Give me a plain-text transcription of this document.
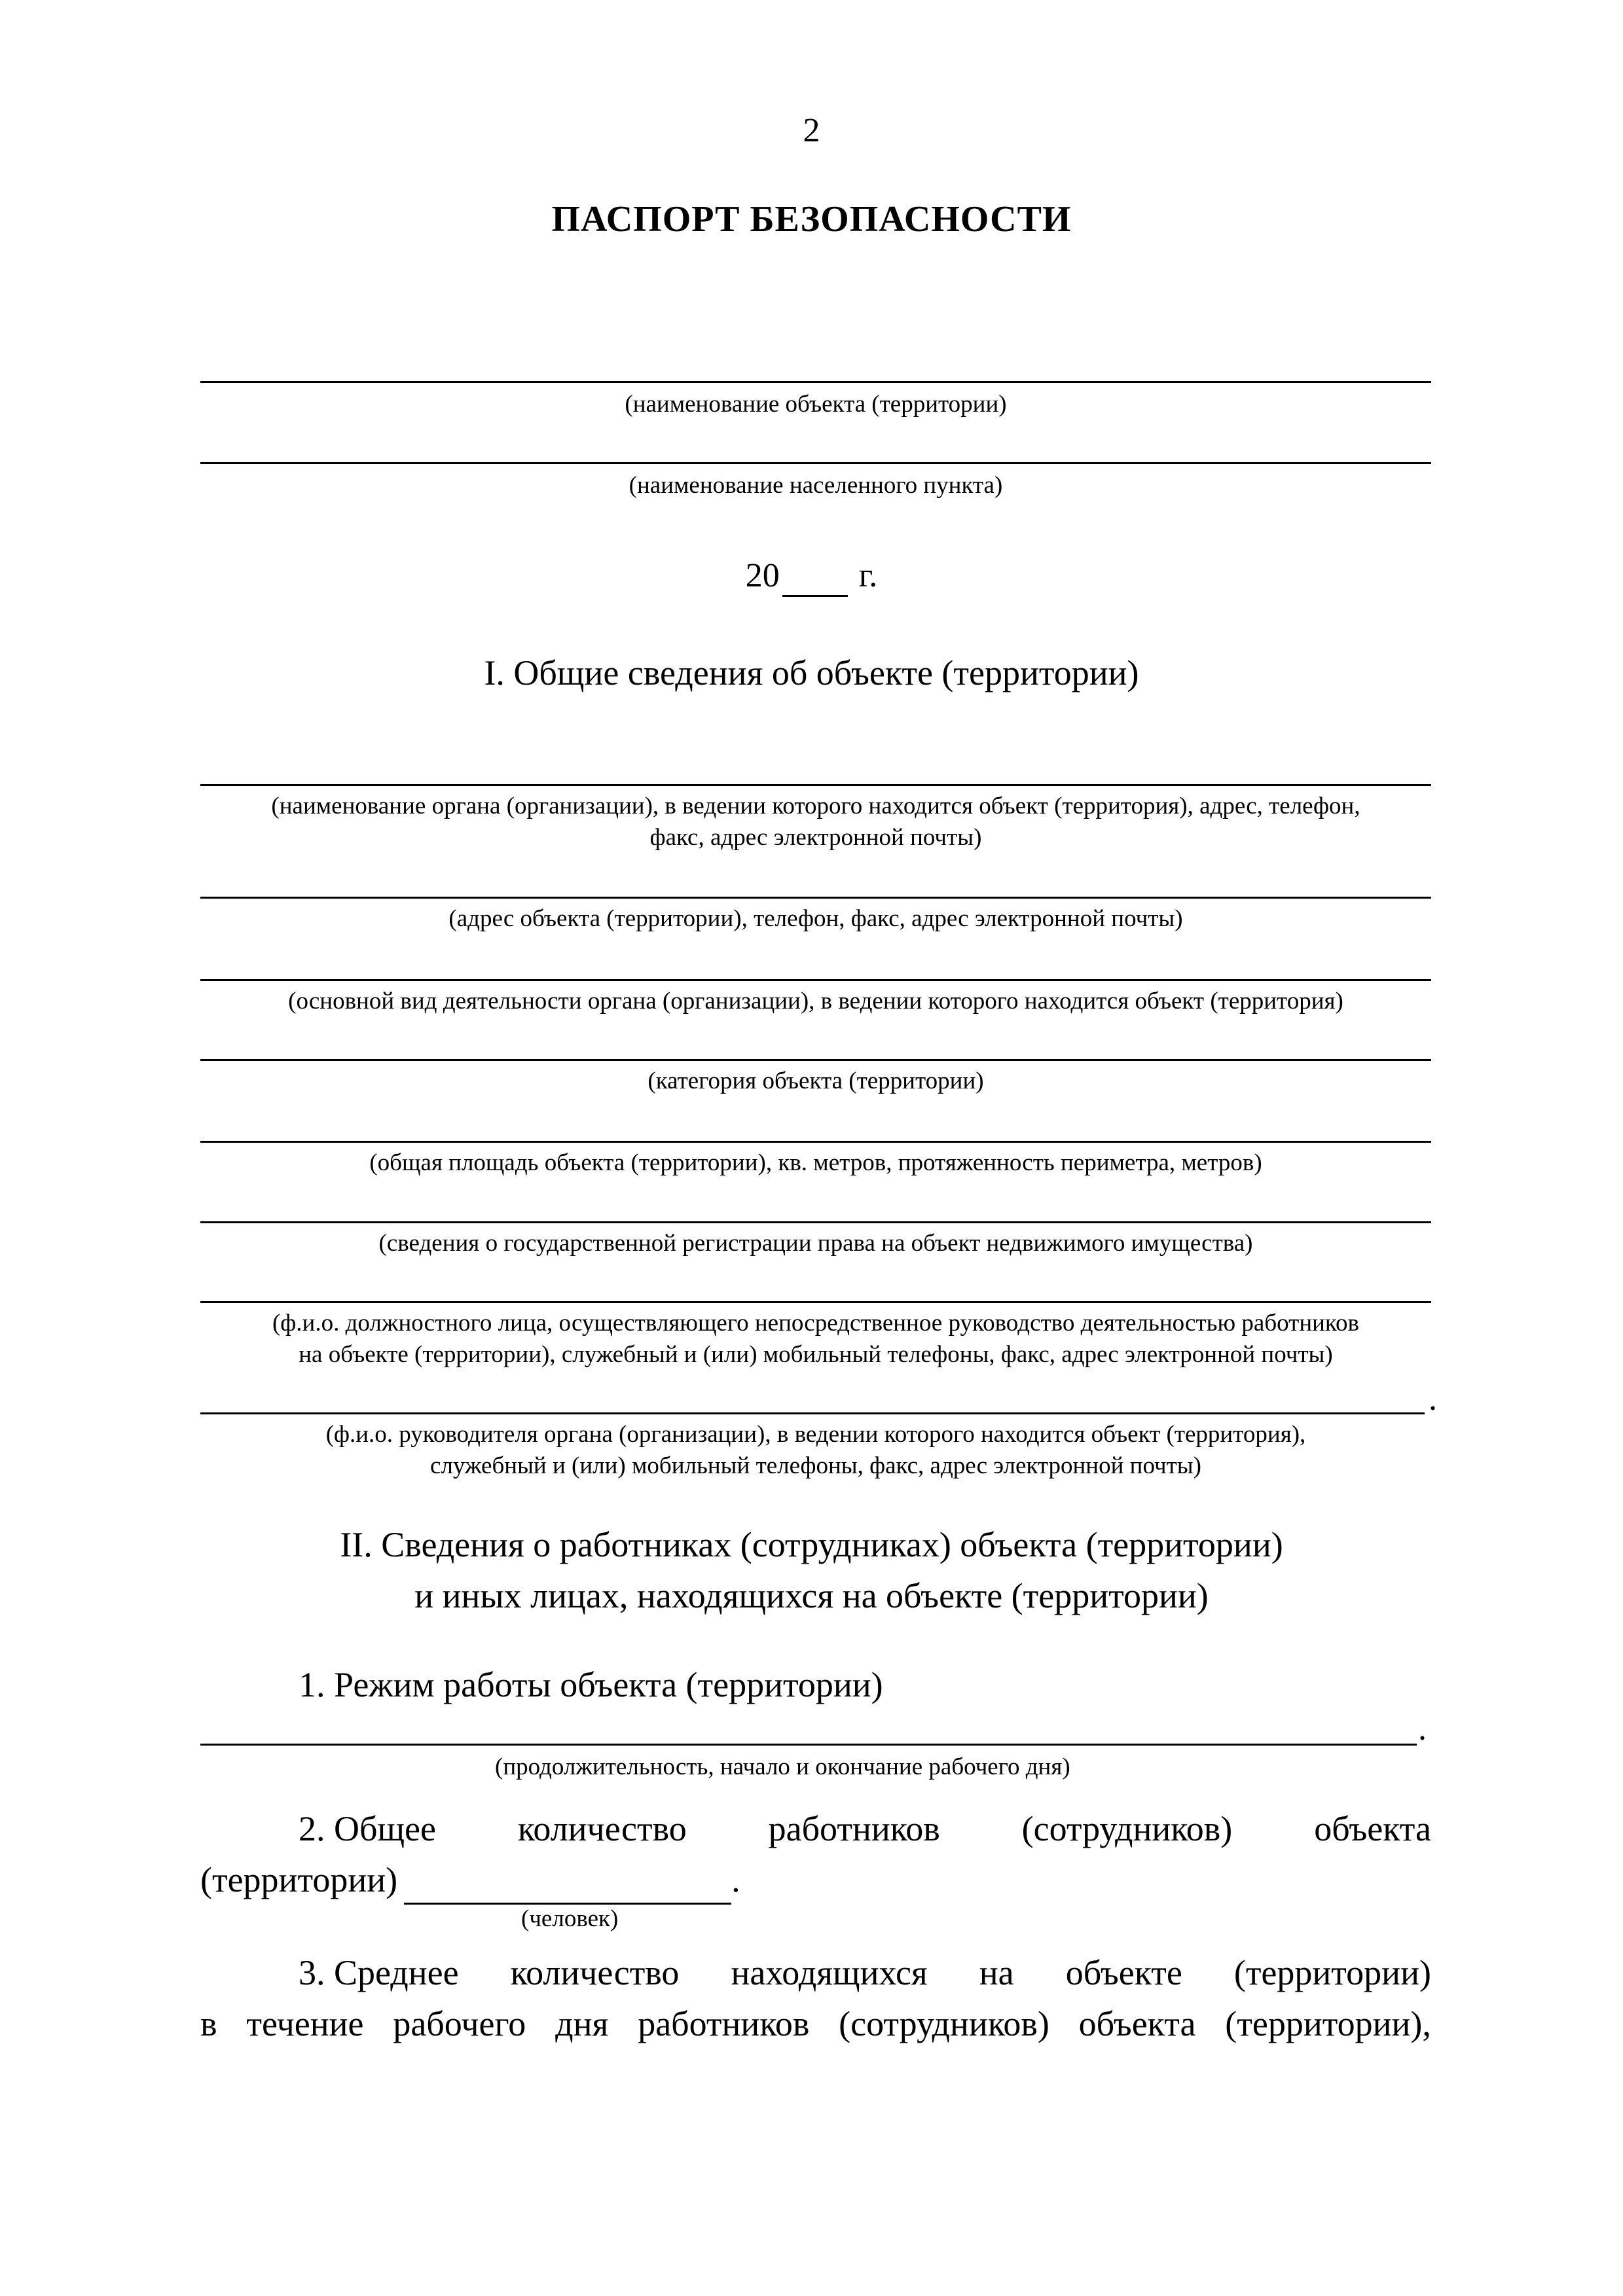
2
ПАСПОРТ БЕЗОПАСНОСТИ
(наименование объекта (территории)
(наименование населенного пункта)
20 г.
I. Общие сведения об объекте (территории)
(наименование органа (организации), в ведении которого находится объект (территория), адрес, телефон,
факс, адрес электронной почты)
(адрес объекта (территории), телефон, факс, адрес электронной почты)
(основной вид деятельности органа (организации), в ведении которого находится объект (территория)
(категория объекта (территории)
(общая площадь объекта (территории), кв. метров, протяженность периметра, метров)
(сведения о государственной регистрации права на объект недвижимого имущества)
(ф.и.о. должностного лица, осуществляющего непосредственное руководство деятельностью работников
на объекте (территории), служебный и (или) мобильный телефоны, факс, адрес электронной почты)
.
(ф.и.о. руководителя органа (организации), в ведении которого находится объект (территория),
служебный и (или) мобильный телефоны, факс, адрес электронной почты)
II. Сведения о работниках (сотрудниках) объекта (территории)
и иных лицах, находящихся на объекте (территории)
1. Режим работы объекта (территории)
.
(продолжительность, начало и окончание рабочего дня)
2. Общее количество работников (сотрудников) объекта
(территории)	.
(человек)
3. Среднее количество находящихся на объекте (территории)
в течение рабочего дня работников (сотрудников) объекта (территории),
